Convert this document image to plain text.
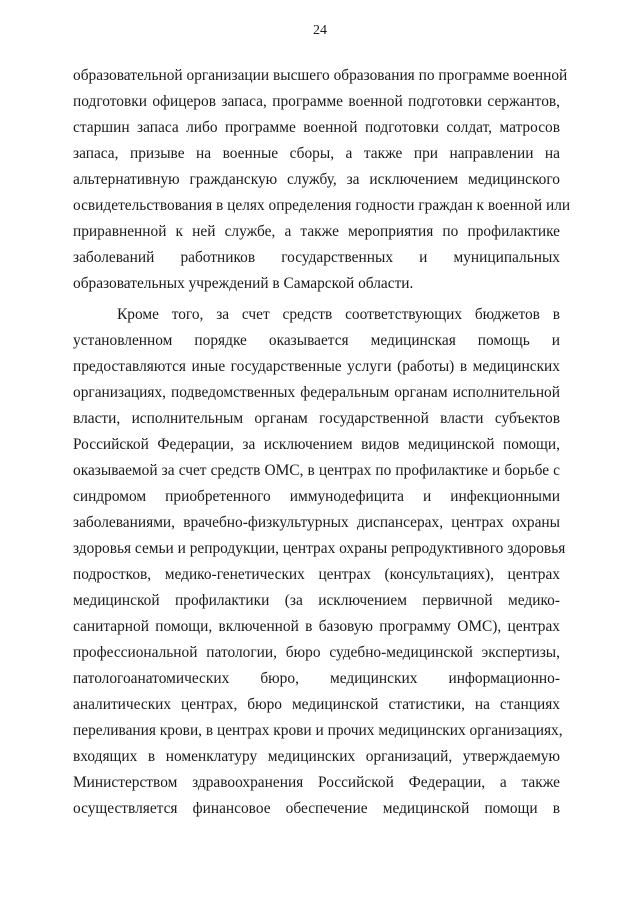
24
образовательной организации высшего образования по программе военной
подготовки офицеров запаса, программе военной подготовки сержантов,
старшин запаса либо программе военной подготовки солдат, матросов
запаса, призыве на военные сборы, а также при направлении на
альтернативную гражданскую службу, за исключением медицинского
освидетельствования в целях определения годности граждан к военной или
приравненной к ней службе, а также мероприятия по профилактике
заболеваний работников государственных и муниципальных
образовательных учреждений в Самарской области.
Кроме того, за счет средств соответствующих бюджетов в
установленном порядке оказывается медицинская помощь и
предоставляются иные государственные услуги (работы) в медицинских
организациях, подведомственных федеральным органам исполнительной
власти, исполнительным органам государственной власти субъектов
Российской Федерации, за исключением видов медицинской помощи,
оказываемой за счет средств ОМС, в центрах по профилактике и борьбе с
синдромом приобретенного иммунодефицита и инфекционными
заболеваниями, врачебно-физкультурных диспансерах, центрах охраны
здоровья семьи и репродукции, центрах охраны репродуктивного здоровья
подростков, медико-генетических центрах (консультациях), центрах
медицинской профилактики (за исключением первичной медико-
санитарной помощи, включенной в базовую программу ОМС), центрах
профессиональной патологии, бюро судебно-медицинской экспертизы,
патологоанатомических бюро, медицинских информационно-
аналитических центрах, бюро медицинской статистики, на станциях
переливания крови, в центрах крови и прочих медицинских организациях,
входящих в номенклатуру медицинских организаций, утверждаемую
Министерством здравоохранения Российской Федерации, а также
осуществляется финансовое обеспечение медицинской помощи в
